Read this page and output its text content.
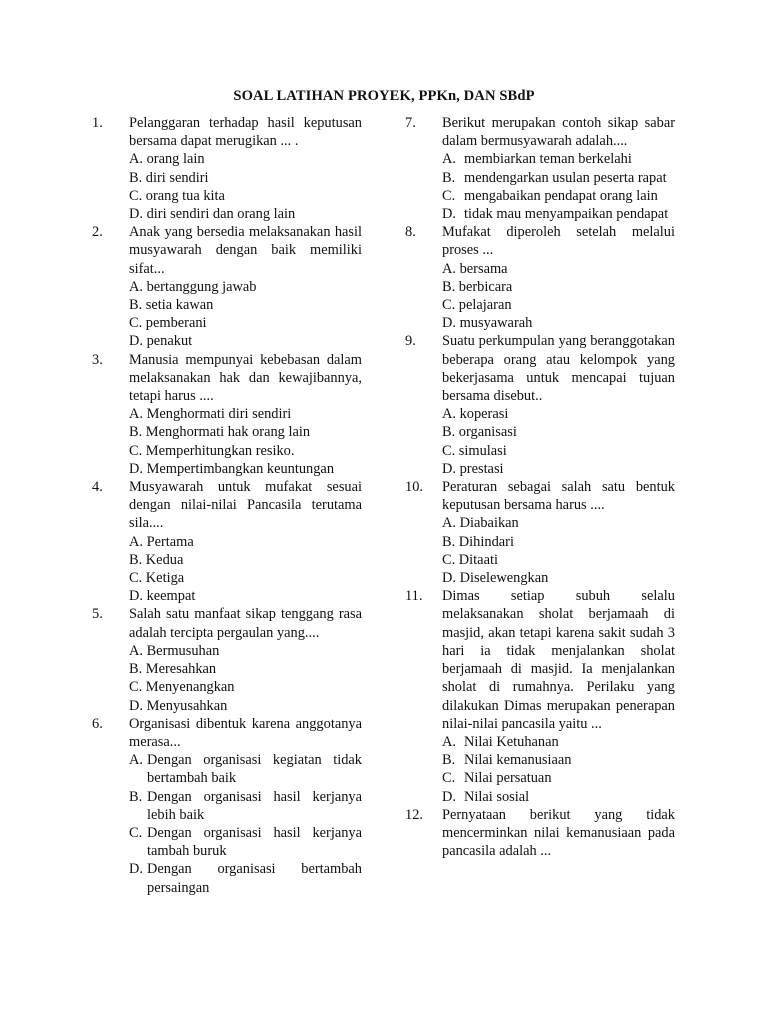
SOAL LATIHAN PROYEK, PPKn, DAN SBdP
1. Pelanggaran terhadap hasil keputusan bersama dapat merugikan ... .
A. orang lain
B. diri sendiri
C. orang tua kita
D. diri sendiri dan orang lain
2. Anak yang bersedia melaksanakan hasil musyawarah dengan baik memiliki sifat...
A. bertanggung jawab
B. setia kawan
C. pemberani
D. penakut
3. Manusia mempunyai kebebasan dalam melaksanakan hak dan kewajibannya, tetapi harus ....
A. Menghormati diri sendiri
B. Menghormati hak orang lain
C. Memperhitungkan resiko.
D. Mempertimbangkan keuntungan
4. Musyawarah untuk mufakat sesuai dengan nilai-nilai Pancasila terutama sila....
A. Pertama
B. Kedua
C. Ketiga
D. keempat
5. Salah satu manfaat sikap tenggang rasa adalah tercipta pergaulan yang....
A. Bermusuhan
B. Meresahkan
C. Menyenangkan
D. Menyusahkan
6. Organisasi dibentuk karena anggotanya merasa...
A. Dengan organisasi kegiatan tidak bertambah baik
B. Dengan organisasi hasil kerjanya lebih baik
C. Dengan organisasi hasil kerjanya tambah buruk
D. Dengan organisasi bertambah persaingan
7. Berikut merupakan contoh sikap sabar dalam bermusyawarah adalah....
A. membiarkan teman berkelahi
B. mendengarkan usulan peserta rapat
C. mengabaikan pendapat orang lain
D. tidak mau menyampaikan pendapat
8. Mufakat diperoleh setelah melalui proses ...
A. bersama
B. berbicara
C. pelajaran
D. musyawarah
9. Suatu perkumpulan yang beranggotakan beberapa orang atau kelompok yang bekerjasama untuk mencapai tujuan bersama disebut..
A. koperasi
B. organisasi
C. simulasi
D. prestasi
10. Peraturan sebagai salah satu bentuk keputusan bersama harus ....
A. Diabaikan
B. Dihindari
C. Ditaati
D. Diselewengkan
11. Dimas setiap subuh selalu melaksanakan sholat berjamaah di masjid, akan tetapi karena sakit sudah 3 hari ia tidak menjalankan sholat berjamaah di masjid. Ia menjalankan sholat di rumahnya. Perilaku yang dilakukan Dimas merupakan penerapan nilai-nilai pancasila yaitu ...
A. Nilai Ketuhanan
B. Nilai kemanusiaan
C. Nilai persatuan
D. Nilai sosial
12. Pernyataan berikut yang tidak mencerminkan nilai kemanusiaan pada pancasila adalah ...
